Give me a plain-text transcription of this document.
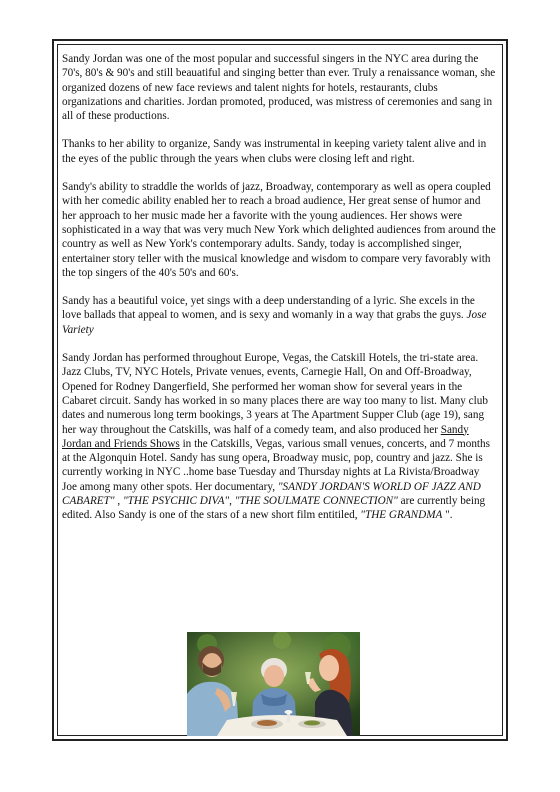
Sandy Jordan was one of the most popular and successful singers in the NYC area during the 70's, 80's & 90's and still beauatiful and singing better than ever. Truly a renaissance woman, she organized dozens of new face reviews and talent nights for hotels, restaurants, clubs organizations and charities. Jordan promoted, produced, was mistress of ceremonies and sang in all of these productions.

Thanks to her ability to organize, Sandy was instrumental in keeping variety talent alive and in the eyes of the public through the years when clubs were closing left and right.

Sandy's ability to straddle the worlds of jazz, Broadway, contemporary as well as opera coupled with her comedic ability enabled her to reach a broad audience, Her great sense of humor and her approach to her music made her a favorite with the young audiences. Her shows were sophisticated in a way that was very much New York which delighted audiences from around the country as well as New York's contemporary adults. Sandy, today is accomplished singer, entertainer story teller with the musical knowledge and wisdom to compare very favorably with the top singers of the 40's 50's and 60's.

Sandy has a beautiful voice, yet sings with a deep understanding of a lyric. She excels in the love ballads that appeal to women, and is sexy and womanly in a way that grabs the guys. Jose Variety

Sandy Jordan has performed throughout Europe, Vegas, the Catskill Hotels, the tri-state area. Jazz Clubs, TV, NYC Hotels, Private venues, events, Carnegie Hall, On and Off-Broadway, Opened for Rodney Dangerfield, She performed her woman show for several years in the Cabaret circuit. Sandy has worked in so many places there are way too many to list. Many club dates and numerous long term bookings, 3 years at The Apartment Supper Club (age 19), sang her way throughout the Catskills, was half of a comedy team, and also produced her Sandy Jordan and Friends Shows in the Catskills, Vegas, various small venues, concerts, and 7 months at the Algonquin Hotel. Sandy has sung opera, Broadway music, pop, country and jazz. She is currently working in NYC ..home base Tuesday and Thursday nights at La Rivista/Broadway Joe among many other spots. Her documentary, "SANDY JORDAN'S WORLD OF JAZZ AND CABARET" , "THE PSYCHIC DIVA", "THE SOULMATE CONNECTION" are currently being edited. Also Sandy is one of the stars of a new short film entitiled, "THE GRANDMA ".
